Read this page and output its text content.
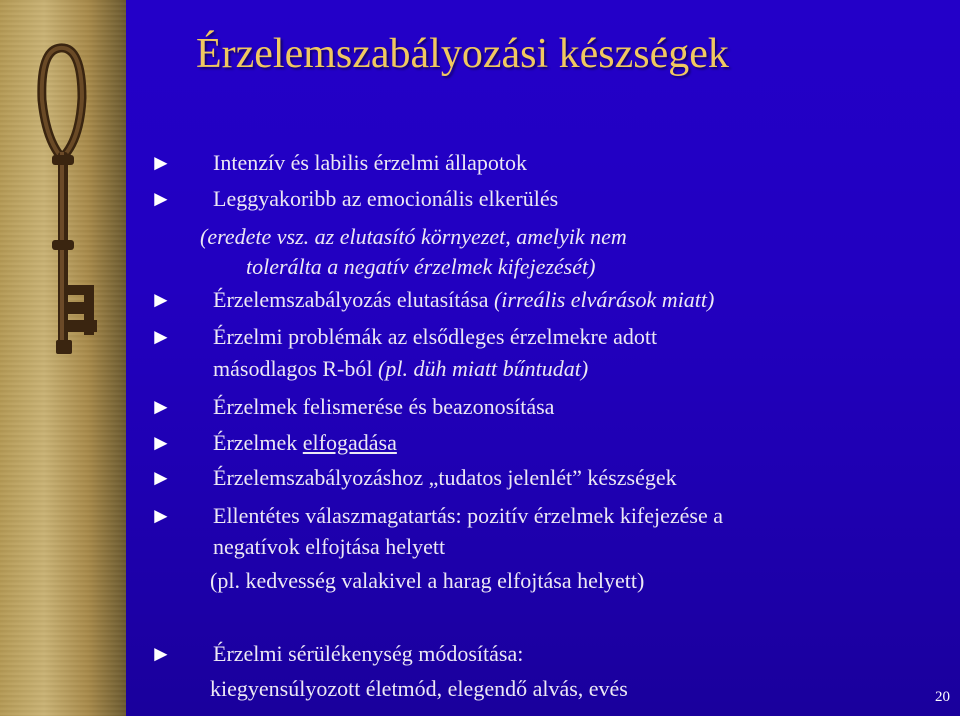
Érzelemszabályozási készségek
►
►
►
►
►
►
►
►
►
Intenzív és labilis érzelmi állapotok
Leggyakoribb az emocionális elkerülés
(eredete vsz. az elutasító környezet, amelyik nem
tolerálta a negatív érzelmek kifejezését)
Érzelemszabályozás elutasítása (irreális elvárások miatt)
Érzelmi problémák az elsődleges érzelmekre adott
másodlagos R-ból (pl. düh miatt bűntudat)
Érzelmek felismerése és beazonosítása
Érzelmek elfogadása
Érzelemszabályozáshoz „tudatos jelenlét” készségek
Ellentétes válaszmagatartás: pozitív érzelmek kifejezése a
negatívok elfojtása helyett
(pl. kedvesség valakivel a harag elfojtása helyett)
Érzelmi sérülékenység módosítása:
kiegyensúlyozott életmód, elegendő alvás, evés	20
